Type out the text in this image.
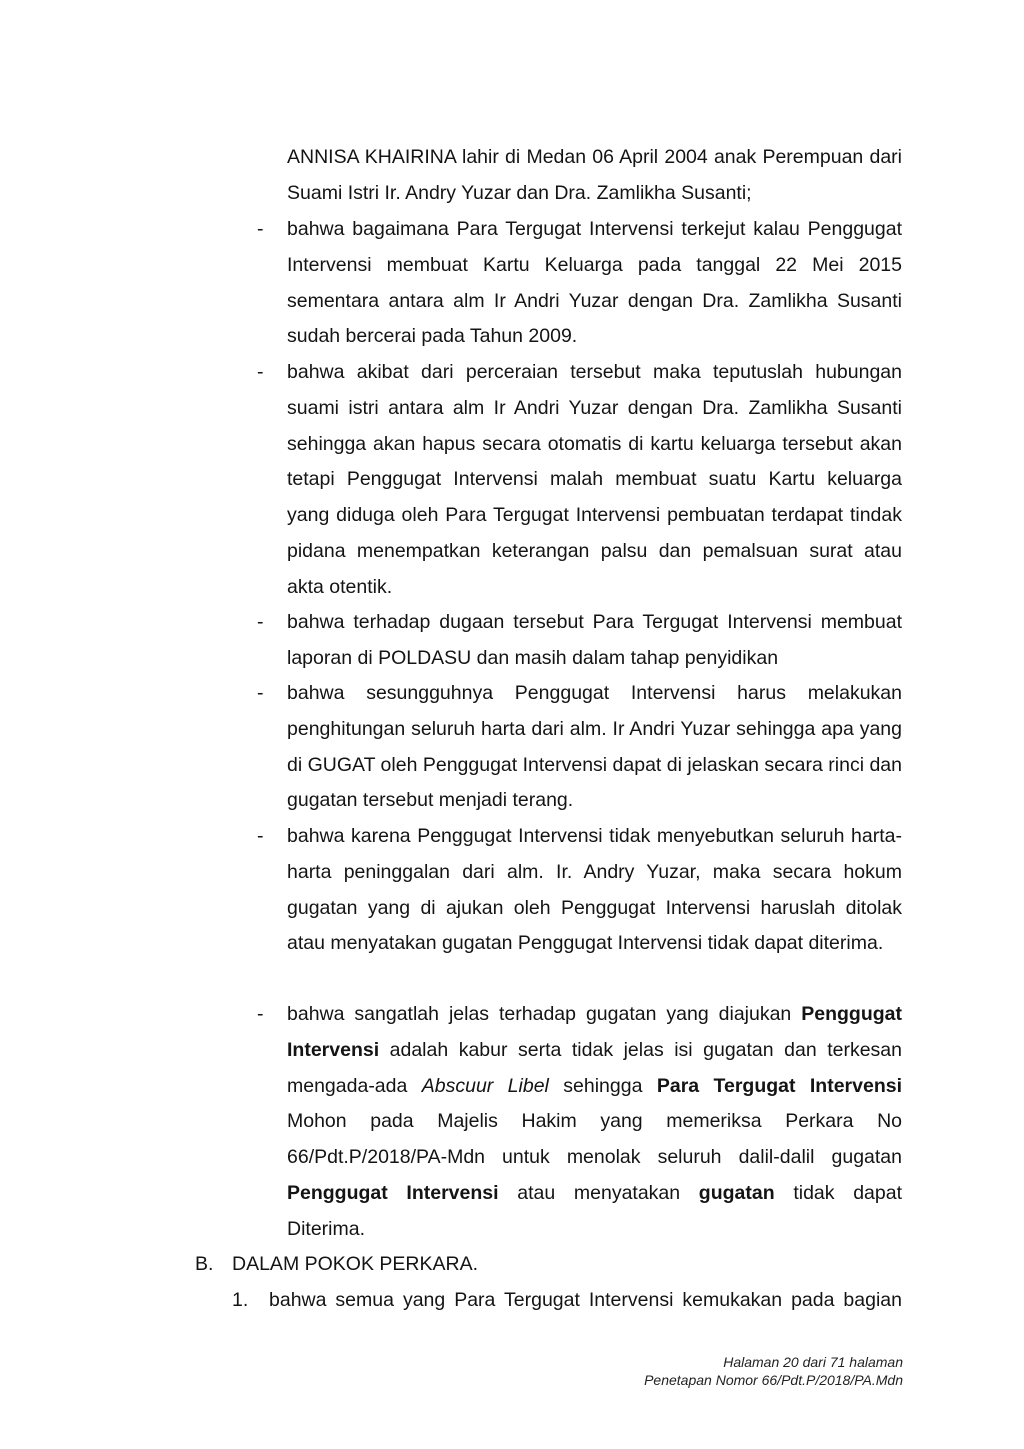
ANNISA KHAIRINA lahir di Medan 06 April 2004 anak Perempuan dari Suami Istri Ir. Andry Yuzar dan Dra. Zamlikha Susanti;

- bahwa bagaimana Para Tergugat Intervensi terkejut kalau Penggugat Intervensi membuat Kartu Keluarga pada tanggal 22 Mei 2015 sementara antara alm Ir Andri Yuzar dengan Dra. Zamlikha Susanti sudah bercerai pada Tahun 2009.

- bahwa akibat dari perceraian tersebut maka teputuslah hubungan suami istri antara alm Ir Andri Yuzar dengan Dra. Zamlikha Susanti sehingga akan hapus secara otomatis di kartu keluarga tersebut akan tetapi Penggugat Intervensi malah membuat suatu Kartu keluarga yang diduga oleh Para Tergugat Intervensi pembuatan terdapat tindak pidana menempatkan keterangan palsu dan pemalsuan surat atau akta otentik.

- bahwa terhadap dugaan tersebut Para Tergugat Intervensi membuat laporan di POLDASU dan masih dalam tahap penyidikan

- bahwa sesungguhnya Penggugat Intervensi harus melakukan penghitungan seluruh harta dari alm. Ir Andri Yuzar sehingga apa yang di GUGAT oleh Penggugat Intervensi dapat di jelaskan secara rinci dan gugatan tersebut menjadi terang.

- bahwa karena Penggugat Intervensi tidak menyebutkan seluruh harta-harta peninggalan dari alm. Ir. Andry Yuzar, maka secara hokum gugatan yang di ajukan oleh Penggugat Intervensi haruslah ditolak atau menyatakan gugatan Penggugat Intervensi tidak dapat diterima.

- bahwa sangatlah jelas terhadap gugatan yang diajukan Penggugat Intervensi adalah kabur serta tidak jelas isi gugatan dan terkesan mengada-ada Abscuur Libel sehingga Para Tergugat Intervensi Mohon pada Majelis Hakim yang memeriksa Perkara No 66/Pdt.P/2018/PA-Mdn untuk menolak seluruh dalil-dalil gugatan Penggugat Intervensi atau menyatakan gugatan tidak dapat Diterima.

B. DALAM POKOK PERKARA.
1. bahwa semua yang Para Tergugat Intervensi kemukakan pada bagian
Halaman 20 dari 71 halaman
Penetapan Nomor 66/Pdt.P/2018/PA.Mdn
